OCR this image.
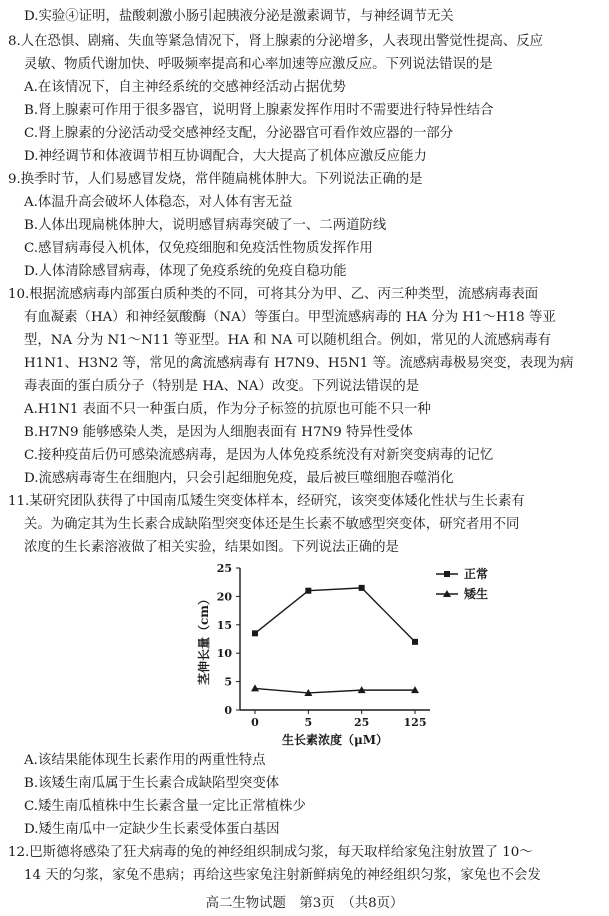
D.实验④证明，盐酸刺激小肠引起胰液分泌是激素调节，与神经调节无关
8.人在恐惧、剧痛、失血等紧急情况下，肾上腺素的分泌增多，人表现出警觉性提高、反应
灵敏、物质代谢加快、呼吸频率提高和心率加速等应激反应。下列说法错误的是
A.在该情况下，自主神经系统的交感神经活动占据优势
B.肾上腺素可作用于很多器官，说明肾上腺素发挥作用时不需要进行特异性结合
C.肾上腺素的分泌活动受交感神经支配，分泌器官可看作效应器的一部分
D.神经调节和体液调节相互协调配合，大大提高了机体应激反应能力
9.换季时节，人们易感冒发烧，常伴随扁桃体肿大。下列说法正确的是
A.体温升高会破坏人体稳态，对人体有害无益
B.人体出现扁桃体肿大，说明感冒病毒突破了一、二两道防线
C.感冒病毒侵入机体，仅免疫细胞和免疫活性物质发挥作用
D.人体清除感冒病毒，体现了免疫系统的免疫自稳功能
10.根据流感病毒内部蛋白质种类的不同，可将其分为甲、乙、丙三种类型，流感病毒表面
有血凝素（HA）和神经氨酸酶（NA）等蛋白。甲型流感病毒的 HA 分为 H1～H18 等亚
型，NA 分为 N1～N11 等亚型。HA 和 NA 可以随机组合。例如，常见的人流感病毒有
H1N1、H3N2 等，常见的禽流感病毒有 H7N9、H5N1 等。流感病毒极易突变，表现为病
毒表面的蛋白质分子（特别是 HA、NA）改变。下列说法错误的是
A.H1N1 表面不只一种蛋白质，作为分子标签的抗原也可能不只一种
B.H7N9 能够感染人类，是因为人细胞表面有 H7N9 特异性受体
C.接种疫苗后仍可感染流感病毒，是因为人体免疫系统没有对新突变病毒的记忆
D.流感病毒寄生在细胞内，只会引起细胞免疫，最后被巨噬细胞吞噬消化
11.某研究团队获得了中国南瓜矮生突变体样本，经研究，该突变体矮化性状与生长素有
关。为确定其为生长素合成缺陷型突变体还是生长素不敏感型突变体，研究者用不同
浓度的生长素溶液做了相关实验，结果如图。下列说法正确的是
0
5
10
15
20
25
0	5	25	125
生长素浓度（μM）
茎伸长量（cm）
正常
矮生
A.该结果能体现生长素作用的两重性特点
B.该矮生南瓜属于生长素合成缺陷型突变体
C.矮生南瓜植株中生长素含量一定比正常植株少
D.矮生南瓜中一定缺少生长素受体蛋白基因
12.巴斯德将感染了狂犬病毒的兔的神经组织制成匀浆，每天取样给家兔注射放置了 10～
14 天的匀浆，家兔不患病；再给这些家兔注射新鲜病兔的神经组织匀浆，家兔也不会发
高二生物试题　第3页　（共8页）
